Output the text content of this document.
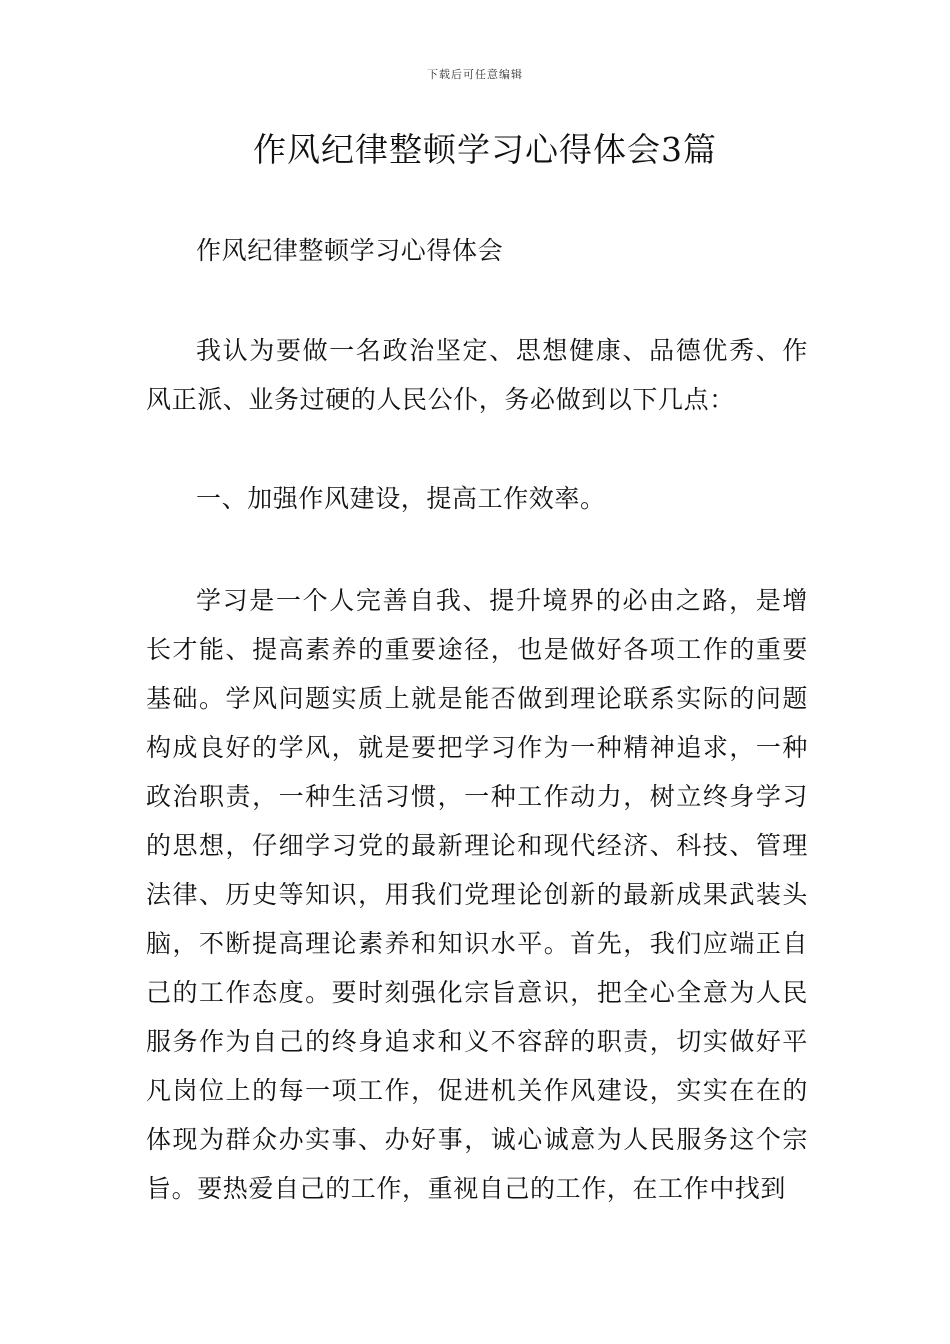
下载后可任意编辑
作风纪律整顿学习心得体会3篇

作风纪律整顿学习心得体会

我认为要做一名政治坚定、思想健康、品德优秀、作风正派、业务过硬的人民公仆，务必做到以下几点：

一、加强作风建设，提高工作效率。

学习是一个人完善自我、提升境界的必由之路，是增长才能、提高素养的重要途径，也是做好各项工作的重要基础。学风问题实质上就是能否做到理论联系实际的问题构成良好的学风，就是要把学习作为一种精神追求，一种政治职责，一种生活习惯，一种工作动力，树立终身学习的思想，仔细学习党的最新理论和现代经济、科技、管理法律、历史等知识，用我们党理论创新的最新成果武装头脑，不断提高理论素养和知识水平。首先，我们应端正自己的工作态度。要时刻强化宗旨意识，把全心全意为人民服务作为自己的终身追求和义不容辞的职责，切实做好平凡岗位上的每一项工作，促进机关作风建设，实实在在的体现为群众办实事、办好事，诚心诚意为人民服务这个宗旨。要热爱自己的工作，重视自己的工作，在工作中找到
